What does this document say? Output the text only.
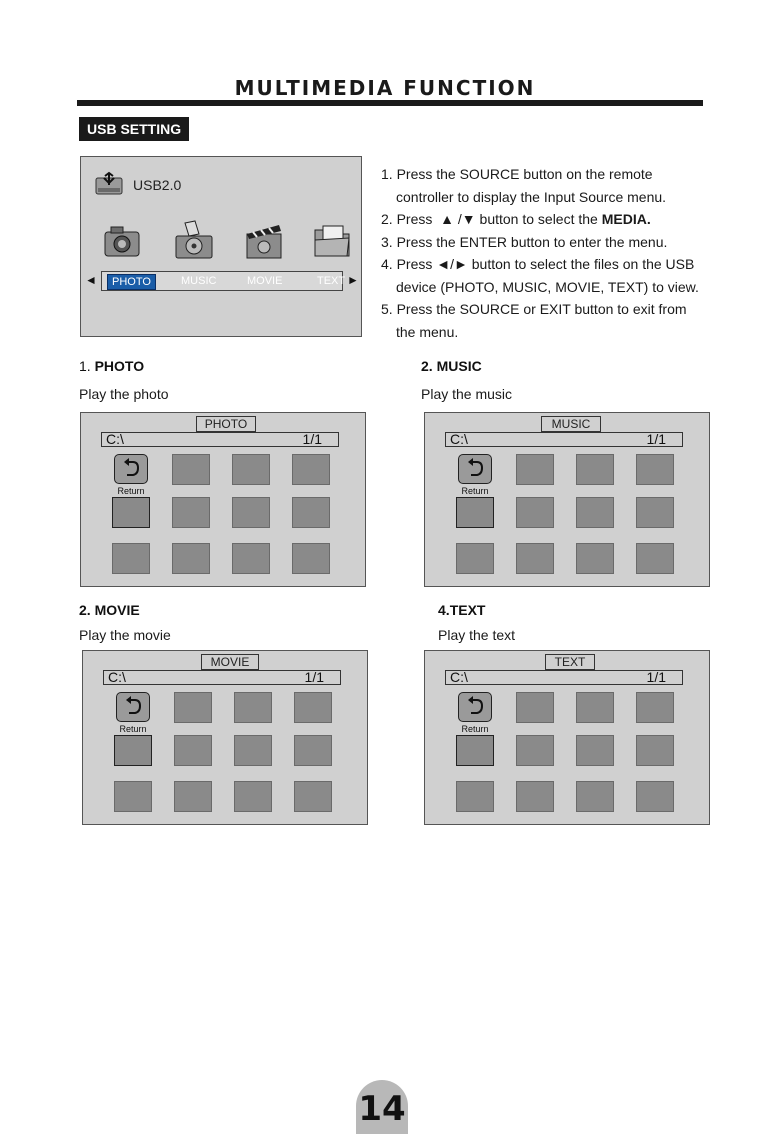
MULTIMEDIA FUNCTION
USB SETTING
USB2.0
◄	PHOTO	MUSIC	MOVIE	TEXT ►
1. Press the SOURCE button on the remote
controller to display the Input Source menu.
2. Press ▲ /▼ button to select the MEDIA.
3. Press the ENTER button to enter the menu.
4. Press ◄/► button to select the files on the USB
device (PHOTO, MUSIC, MOVIE, TEXT) to view.
5. Press the SOURCE or EXIT button to exit from
the menu.
1. PHOTO
Play the photo
2. MUSIC
Play the music
2. MOVIE
Play the movie
4.TEXT
Play the text
PHOTO
C:\	1/1
Return
MUSIC
C:\	1/1
Return
MOVIE
C:\	1/1
Return
TEXT
C:\	1/1
Return
14
